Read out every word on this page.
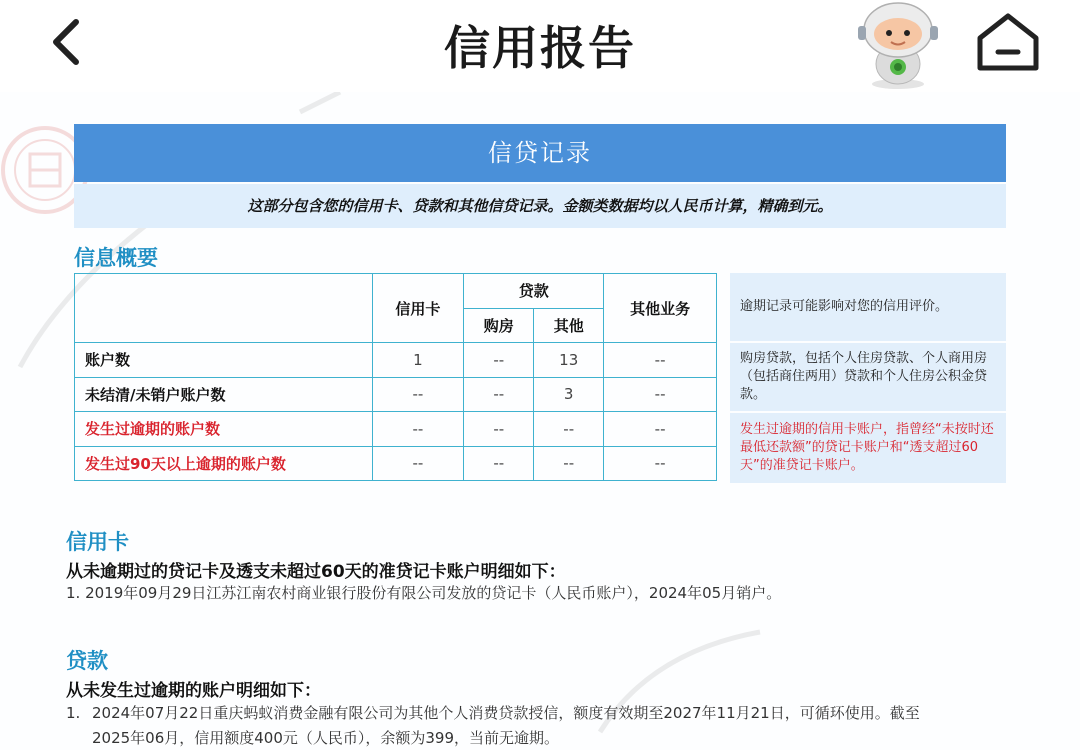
信用报告
信贷记录
这部分包含您的信用卡、贷款和其他信贷记录。金额类数据均以人民币计算，精确到元。
信息概要
	信用卡	贷款		其他业务
		购房	其他	
账户数	1	--	13	--
未结清/未销户账户数	--	--	3	--
发生过逾期的账户数	--	--	--	--
发生过90天以上逾期的账户数	--	--	--	--
逾期记录可能影响对您的信用评价。
购房贷款，包括个人住房贷款、个人商用房（包括商住两用）贷款和个人住房公积金贷款。
发生过逾期的信用卡账户，指曾经“未按时还最低还款额”的贷记卡账户和“透支超过60天”的准贷记卡账户。
信用卡
从未逾期过的贷记卡及透支未超过60天的准贷记卡账户明细如下：
1. 2019年09月29日江苏江南农村商业银行股份有限公司发放的贷记卡（人民币账户），2024年05月销户。
贷款
从未发生过逾期的账户明细如下：
1. 2024年07月22日重庆蚂蚁消费金融有限公司为其他个人消费贷款授信，额度有效期至2027年11月21日，可循环使用。截至
2025年06月，信用额度400元（人民币），余额为399，当前无逾期。
